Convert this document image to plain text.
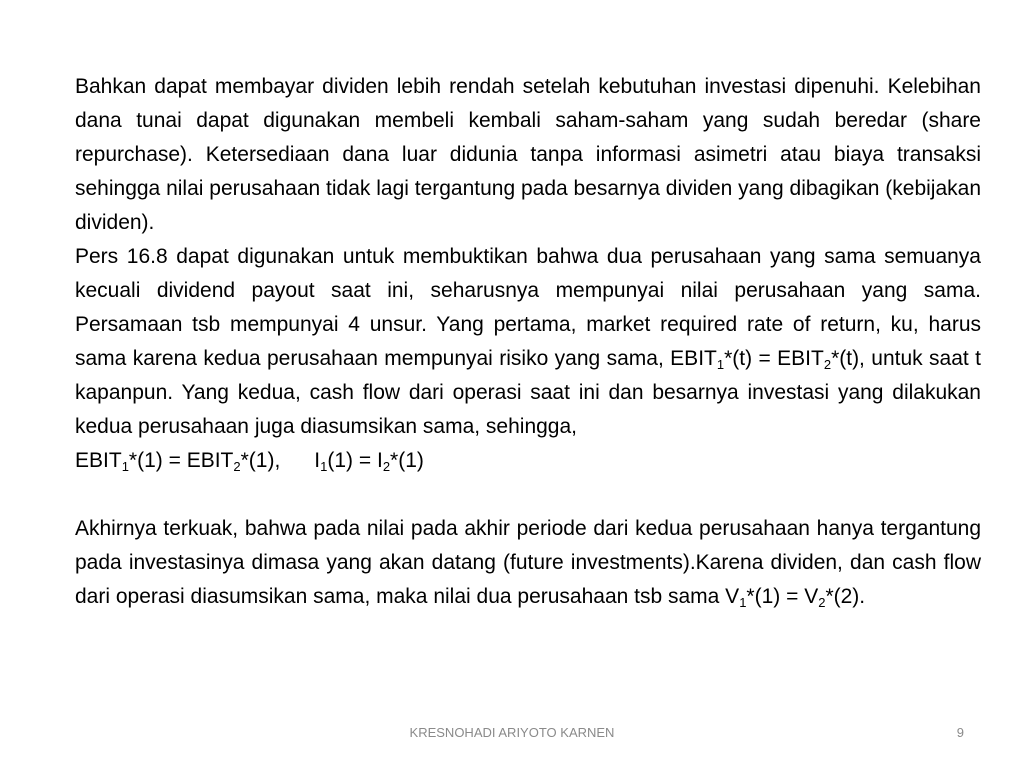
Bahkan dapat membayar dividen lebih rendah setelah kebutuhan investasi dipenuhi. Kelebihan dana tunai dapat digunakan membeli kembali saham-saham yang sudah beredar (share repurchase). Ketersediaan dana luar didunia tanpa informasi asimetri atau biaya transaksi sehingga nilai perusahaan tidak lagi tergantung pada besarnya dividen yang dibagikan (kebijakan dividen).

Pers 16.8 dapat digunakan untuk membuktikan bahwa dua perusahaan yang sama semuanya kecuali dividend payout saat ini, seharusnya mempunyai nilai perusahaan yang sama. Persamaan tsb mempunyai 4 unsur. Yang pertama, market required rate of return, ku, harus sama karena kedua perusahaan mempunyai risiko yang sama, $EBIT_1*(t)$ = $EBIT_2*(t)$, untuk saat t kapanpun. Yang kedua, cash flow dari operasi saat ini dan besarnya investasi yang dilakukan kedua perusahaan juga diasumsikan sama, sehingga,

$EBIT_1*(1)$ = $EBIT_2*(1)$, $I_1(1) = I_2*(1)$

Akhirnya terkuak, bahwa pada nilai pada akhir periode dari kedua perusahaan hanya tergantung pada investasinya dimasa yang akan datang (future investments).Karena dividen, dan cash flow dari operasi diasumsikan sama, maka nilai dua perusahaan tsb sama $V_1*(1) = V_2*(2)$.

KRESNOHADI ARIYOTO KARNEN	9
